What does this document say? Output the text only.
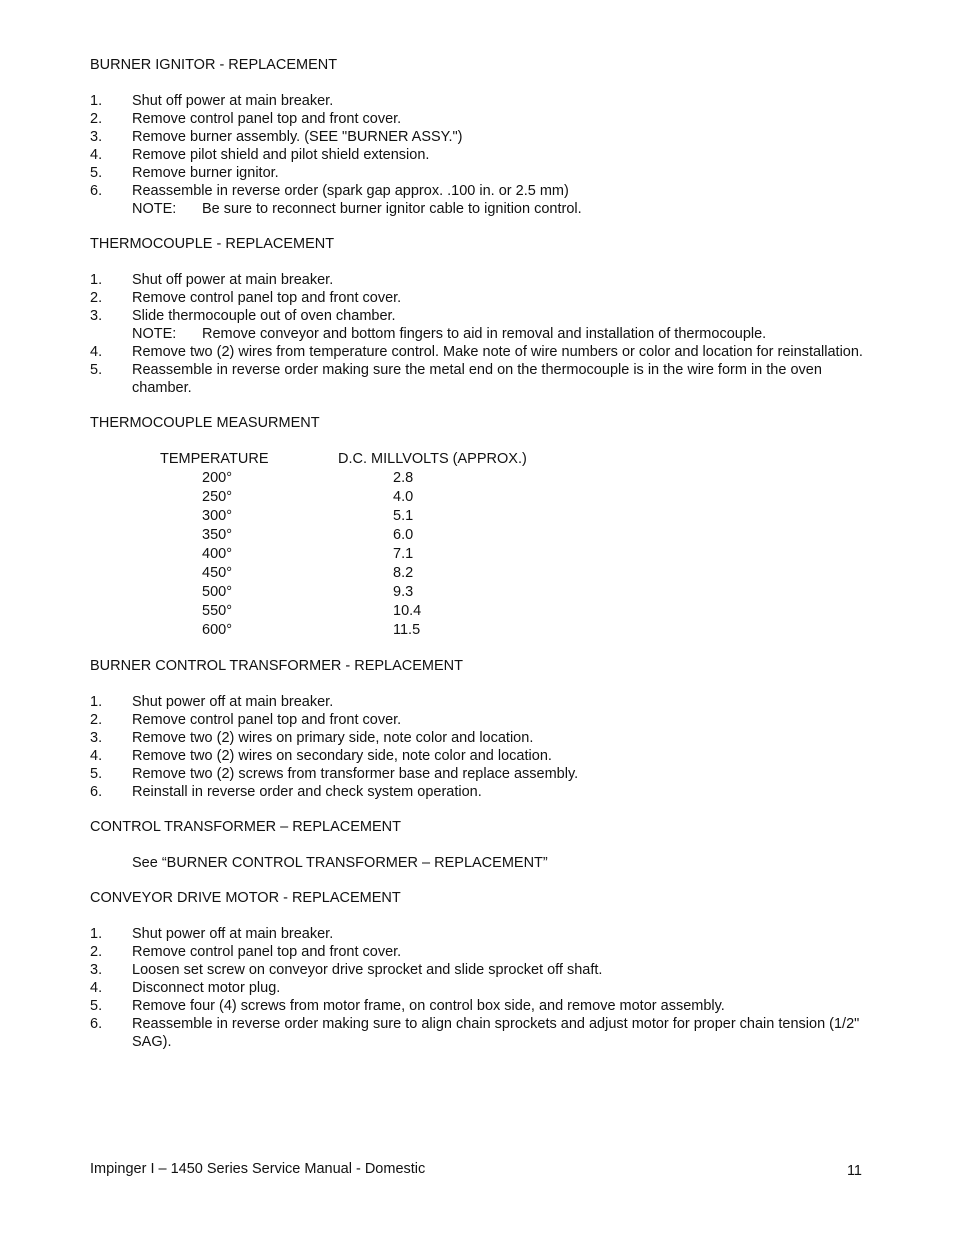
BURNER IGNITOR - REPLACEMENT
1. Shut off power at main breaker.
2. Remove control panel top and front cover.
3. Remove burner assembly. (SEE "BURNER ASSY.")
4. Remove pilot shield and pilot shield extension.
5. Remove burner ignitor.
6. Reassemble in reverse order (spark gap approx. .100 in. or 2.5 mm)
NOTE: Be sure to reconnect burner ignitor cable to ignition control.
THERMOCOUPLE - REPLACEMENT
1. Shut off power at main breaker.
2. Remove control panel top and front cover.
3. Slide thermocouple out of oven chamber.
NOTE: Remove conveyor and bottom fingers to aid in removal and installation of thermocouple.
4. Remove two (2) wires from temperature control. Make note of wire numbers or color and location for reinstallation.
5. Reassemble in reverse order making sure the metal end on the thermocouple is in the wire form in the oven chamber.
THERMOCOUPLE MEASURMENT
TEMPERATURE	D.C. MILLVOLTS (APPROX.)
200°	2.8
250°	4.0
300°	5.1
350°	6.0
400°	7.1
450°	8.2
500°	9.3
550°	10.4
600°	11.5
BURNER CONTROL TRANSFORMER - REPLACEMENT
1. Shut power off at main breaker.
2. Remove control panel top and front cover.
3. Remove two (2) wires on primary side, note color and location.
4. Remove two (2) wires on secondary side, note color and location.
5. Remove two (2) screws from transformer base and replace assembly.
6. Reinstall in reverse order and check system operation.
CONTROL TRANSFORMER – REPLACEMENT
See “BURNER CONTROL TRANSFORMER – REPLACEMENT”
CONVEYOR DRIVE MOTOR - REPLACEMENT
1. Shut power off at main breaker.
2. Remove control panel top and front cover.
3. Loosen set screw on conveyor drive sprocket and slide sprocket off shaft.
4. Disconnect motor plug.
5. Remove four (4) screws from motor frame, on control box side, and remove motor assembly.
6. Reassemble in reverse order making sure to align chain sprockets and adjust motor for proper chain tension (1/2" SAG).
Impinger I – 1450 Series Service Manual - Domestic	11
